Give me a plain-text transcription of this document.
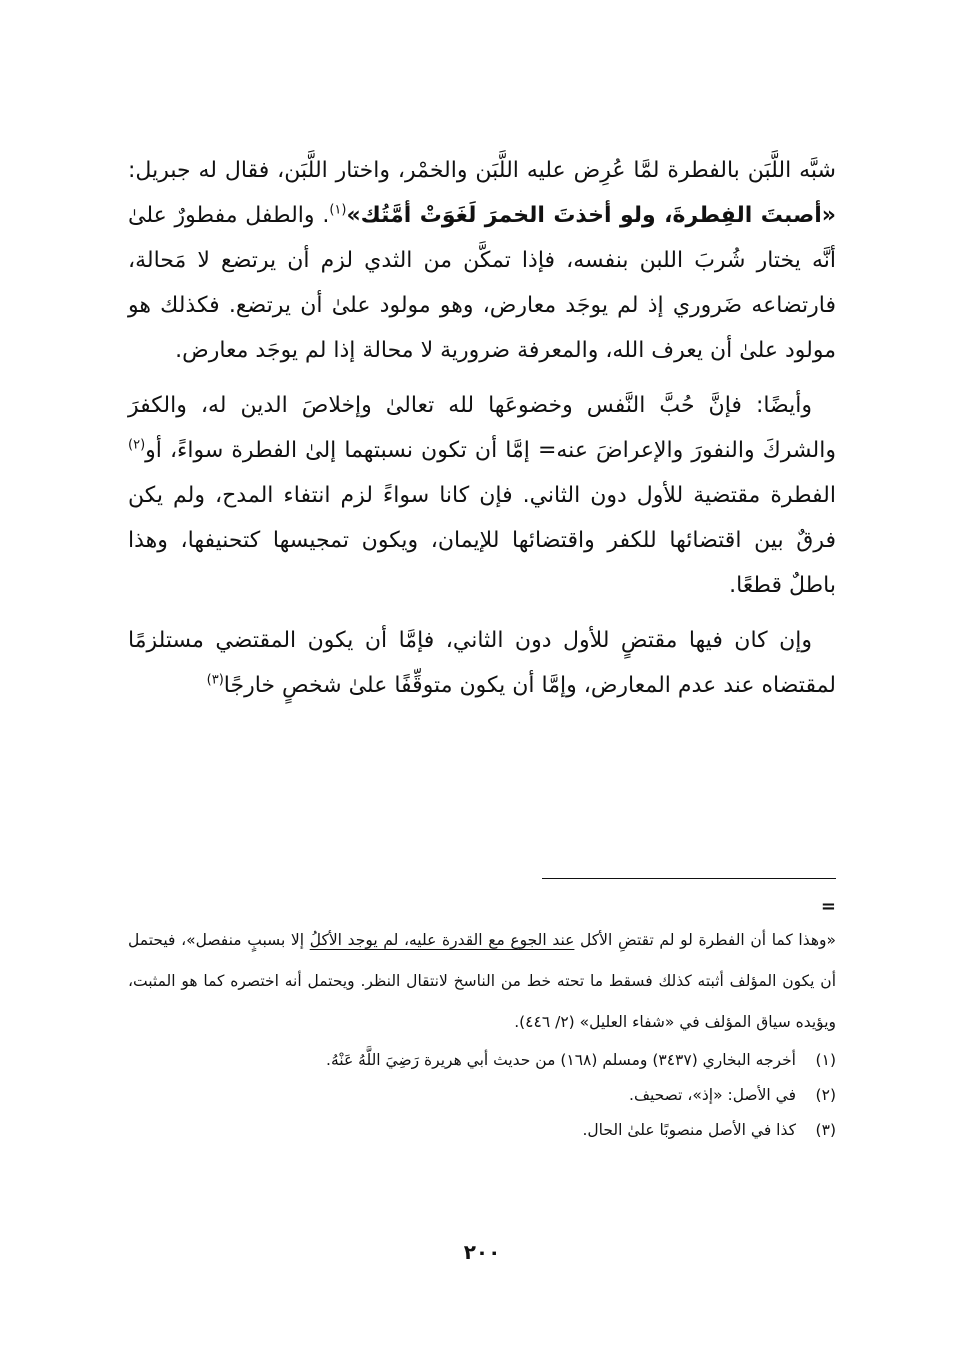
شبَّه اللَّبَن بالفطرة لمَّا عُرِض عليه اللَّبَن والخمْر، واختار اللَّبَن، فقال له جبريل: «أصبتَ الفِطرةَ، ولو أخذتَ الخمرَ لَغَوَتْ أمَّتُك»$^{(١)}$. والطفل مفطورٌ علىٰ أنَّه يختار شُربَ اللبن بنفسه، فإذا تمكَّن من الثدي لزم أن يرتضع لا مَحالة، فارتضاعه ضَروري إذ لم يوجَد معارض، وهو مولود علىٰ أن يرتضع. فكذلك هو مولود علىٰ أن يعرف الله، والمعرفة ضرورية لا محالة إذا لم يوجَد معارض.

وأيضًا: فإنَّ حُبَّ النَّفس وخضوعَها لله تعالىٰ وإخلاصَ الدين له، والكفرَ والشركَ والنفورَ والإعراضَ عنه= إمَّا أن تكون نسبتهما إلىٰ الفطرة سواءً، أو$^{(٢)}$ الفطرة مقتضية للأول دون الثاني. فإن كانا سواءً لزم انتفاء المدح، ولم يكن فرقٌ بين اقتضائها للكفر واقتضائها للإيمان، ويكون تمجيسها كتحنيفها، وهذا باطلٌ قطعًا.

وإن كان فيها مقتضٍ للأول دون الثاني، فإمَّا أن يكون المقتضي مستلزمًا لمقتضاه عند عدم المعارض، وإمَّا أن يكون متوقِّفًا علىٰ شخصٍ خارجًا$^{(٣)}$

=

«وهذا كما أن الفطرة لو لم تقتضِ الأكل عند الجوع مع القدرة عليه، لم يوجد الأكلُ إلا بسببٍ منفصل»، فيحتمل أن يكون المؤلف أثبته كذلك فسقط ما تحته خط من الناسخ لانتقال النظر. ويحتمل أنه اختصره كما هو المثبت، ويؤيده سياق المؤلف في «شفاء العليل» (٢/ ٤٤٦).

(١)
أخرجه البخاري (٣٤٣٧) ومسلم (١٦٨) من حديث أبي هريرة رَضِيَ اللَّهُ عَنْهُ.
(٢)
في الأصل: «إذ»، تصحيف.
(٣)
كذا في الأصل منصوبًا علىٰ الحال.
٢٠٠
